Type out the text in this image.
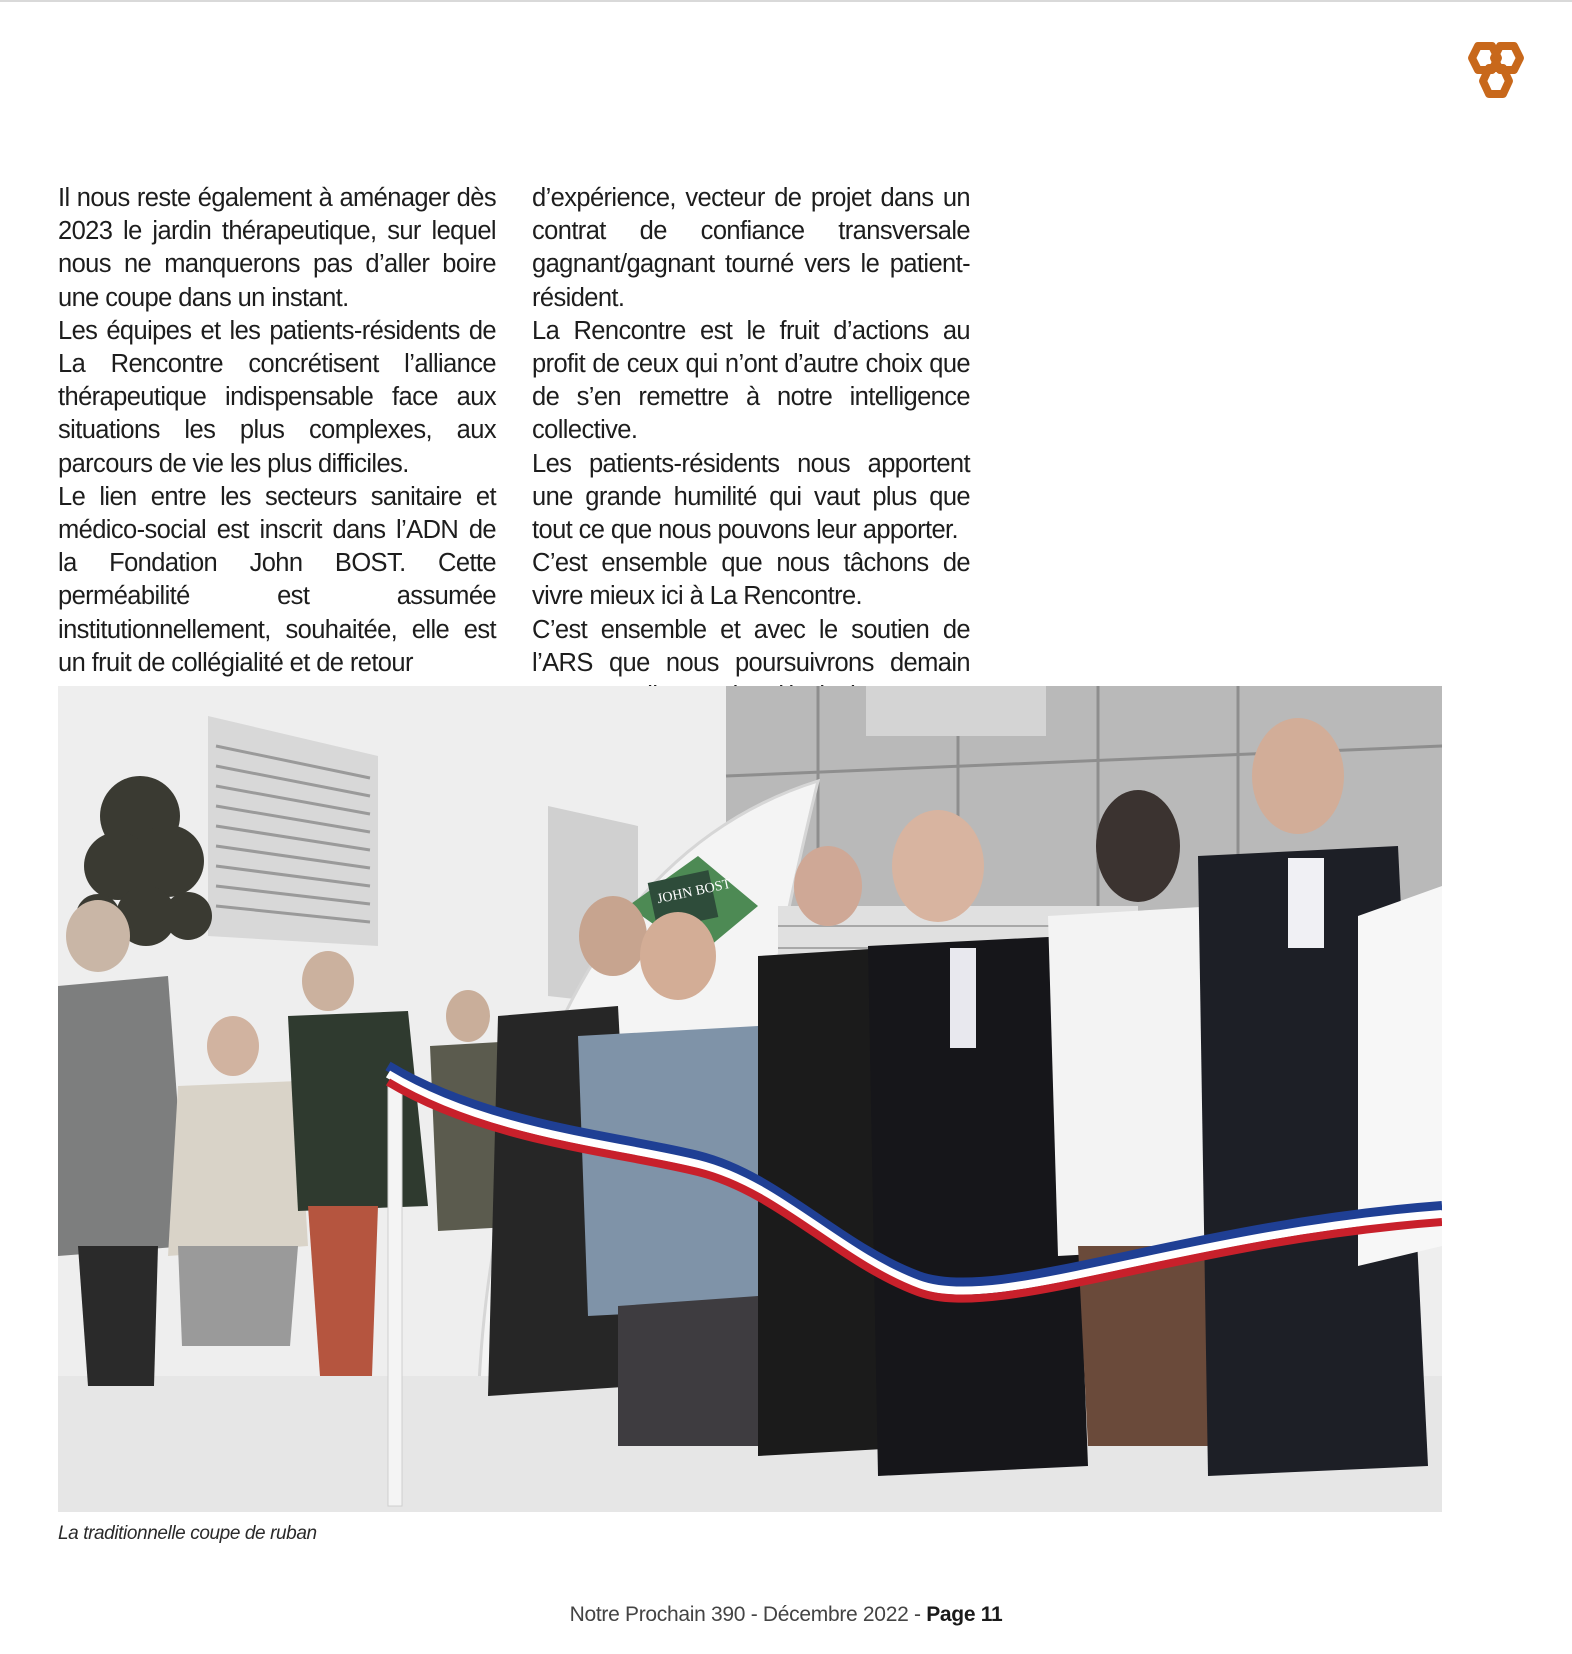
Il nous reste également à aménager dès 2023 le jardin thérapeutique, sur lequel nous ne manquerons pas d’aller boire une coupe dans un instant.

Les équipes et les patients-résidents de La Rencontre concrétisent l’alliance thérapeutique indispensable face aux situations les plus complexes, aux parcours de vie les plus difficiles.

Le lien entre les secteurs sanitaire et médico-social est inscrit dans l’ADN de la Fondation John BOST. Cette perméabilité est assumée institutionnellement, souhaitée, elle est un fruit de collégialité et de retour

d’expérience, vecteur de projet dans un contrat de confiance transversale gagnant/gagnant tourné vers le patient-résident.

La Rencontre est le fruit d’actions au profit de ceux qui n’ont d’autre choix que de s’en remettre à notre intelligence collective.

Les patients-résidents nous apportent une grande humilité qui vaut plus que tout ce que nous pouvons leur apporter.

C’est ensemble que nous tâchons de vivre mieux ici à La Rencontre.

C’est ensemble et avec le soutien de l’ARS que nous poursuivrons demain

JOHN BOST
La traditionnelle coupe de ruban
Notre Prochain 390 - Décembre 2022 - Page 11
